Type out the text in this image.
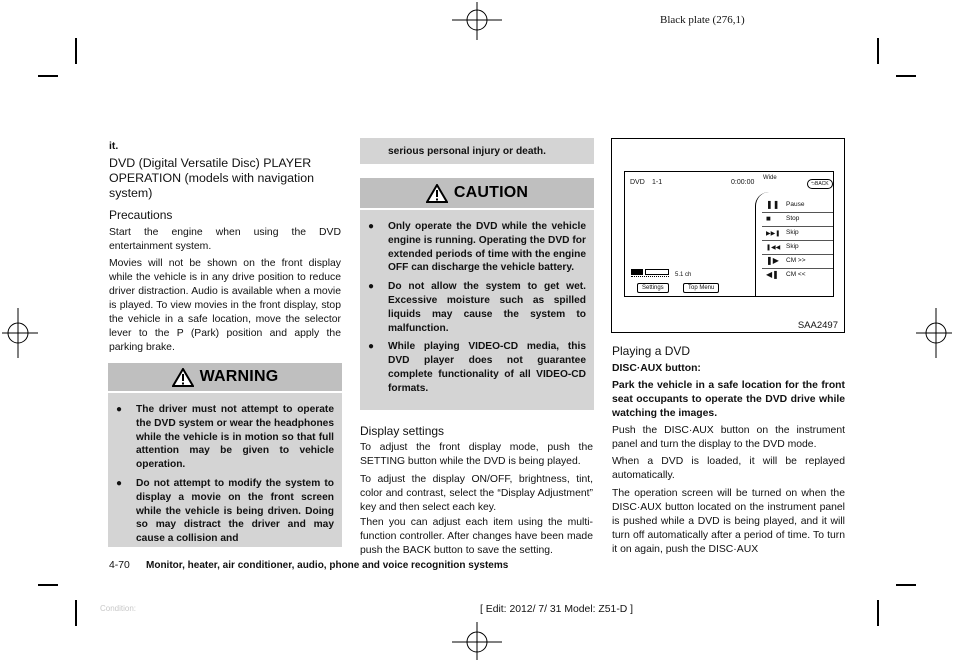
Black plate (276,1)
it.

DVD (Digital Versatile Disc) PLAYER OPERATION (models with navigation system)

Precautions

Start the engine when using the DVD entertainment system.

Movies will not be shown on the front display while the vehicle is in any drive position to reduce driver distraction. Audio is available when a movie is played. To view movies in the front display, stop the vehicle in a safe location, move the selector lever to the P (Park) position and apply the parking brake.

WARNING
● The driver must not attempt to operate the DVD system or wear the headphones while the vehicle is in motion so that full attention may be given to vehicle operation.
● Do not attempt to modify the system to display a movie on the front screen while the vehicle is being driven. Doing so may distract the driver and may cause a collision and
serious personal injury or death.
CAUTION
● Only operate the DVD while the vehicle engine is running. Operating the DVD for extended periods of time with the engine OFF can discharge the vehicle battery.
● Do not allow the system to get wet. Excessive moisture such as spilled liquids may cause the system to malfunction.
● While playing VIDEO-CD media, this DVD player does not guarantee complete functionality of all VIDEO-CD formats.

Display settings

To adjust the front display mode, push the SETTING button while the DVD is being played.

To adjust the display ON/OFF, brightness, tint, color and contrast, select the “Display Adjustment” key and then select each key.

Then you can adjust each item using the multi-function controller. After changes have been made push the BACK button to save the setting.

DVD 1-1	0:00:00
Wide
⮌BACK
❚❚ Pause
■ Stop
▶▶❚ Skip
❚◀◀ Skip
❚▶ CM >>
◀❚ CM <<
5.1 ch
Settings	Top Menu
SAA2497

Playing a DVD

DISC·AUX button:

Park the vehicle in a safe location for the front seat occupants to operate the DVD drive while watching the images.

Push the DISC·AUX button on the instrument panel and turn the display to the DVD mode.

When a DVD is loaded, it will be replayed automatically.

The operation screen will be turned on when the DISC·AUX button located on the instrument panel is pushed while a DVD is being played, and it will turn off automatically after a period of time. To turn it on again, push the DISC·AUX

4-70 Monitor, heater, air conditioner, audio, phone and voice recognition systems
Condition:	[ Edit: 2012/ 7/ 31 Model: Z51-D ]
